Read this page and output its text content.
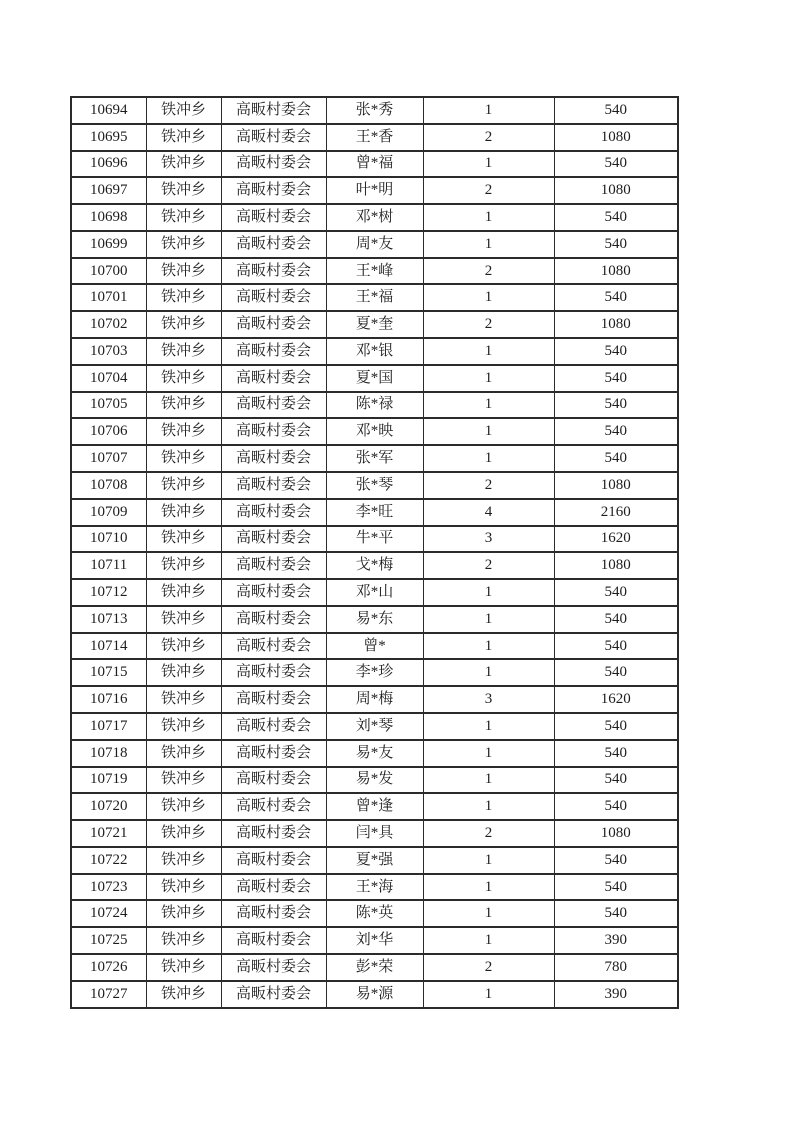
10694	铁冲乡	高畈村委会	张*秀	1	540
10695	铁冲乡	高畈村委会	王*香	2	1080
10696	铁冲乡	高畈村委会	曾*福	1	540
10697	铁冲乡	高畈村委会	叶*明	2	1080
10698	铁冲乡	高畈村委会	邓*树	1	540
10699	铁冲乡	高畈村委会	周*友	1	540
10700	铁冲乡	高畈村委会	王*峰	2	1080
10701	铁冲乡	高畈村委会	王*福	1	540
10702	铁冲乡	高畈村委会	夏*奎	2	1080
10703	铁冲乡	高畈村委会	邓*银	1	540
10704	铁冲乡	高畈村委会	夏*国	1	540
10705	铁冲乡	高畈村委会	陈*禄	1	540
10706	铁冲乡	高畈村委会	邓*映	1	540
10707	铁冲乡	高畈村委会	张*军	1	540
10708	铁冲乡	高畈村委会	张*琴	2	1080
10709	铁冲乡	高畈村委会	李*旺	4	2160
10710	铁冲乡	高畈村委会	牛*平	3	1620
10711	铁冲乡	高畈村委会	戈*梅	2	1080
10712	铁冲乡	高畈村委会	邓*山	1	540
10713	铁冲乡	高畈村委会	易*东	1	540
10714	铁冲乡	高畈村委会	曾*	1	540
10715	铁冲乡	高畈村委会	李*珍	1	540
10716	铁冲乡	高畈村委会	周*梅	3	1620
10717	铁冲乡	高畈村委会	刘*琴	1	540
10718	铁冲乡	高畈村委会	易*友	1	540
10719	铁冲乡	高畈村委会	易*发	1	540
10720	铁冲乡	高畈村委会	曾*逢	1	540
10721	铁冲乡	高畈村委会	闫*具	2	1080
10722	铁冲乡	高畈村委会	夏*强	1	540
10723	铁冲乡	高畈村委会	王*海	1	540
10724	铁冲乡	高畈村委会	陈*英	1	540
10725	铁冲乡	高畈村委会	刘*华	1	390
10726	铁冲乡	高畈村委会	彭*荣	2	780
10727	铁冲乡	高畈村委会	易*源	1	390
